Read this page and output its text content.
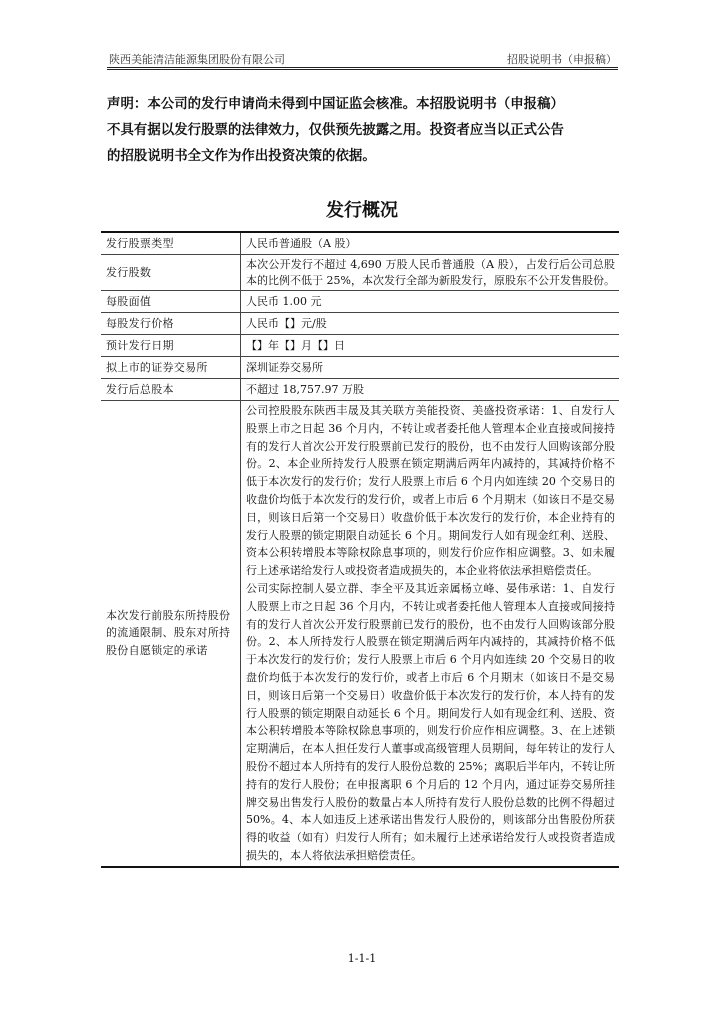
陕西美能清洁能源集团股份有限公司	招股说明书（申报稿）
声明：本公司的发行申请尚未得到中国证监会核准。本招股说明书（申报稿）
不具有据以发行股票的法律效力，仅供预先披露之用。投资者应当以正式公告
的招股说明书全文作为作出投资决策的依据。
发行概况
发行股票类型	人民币普通股（A 股）
发行股数	本次公开发行不超过 4,690 万股人民币普通股（A 股），占发行后公司总股本的比例不低于 25%，本次发行全部为新股发行，原股东不公开发售股份。
每股面值	人民币 1.00 元
每股发行价格	人民币【】元/股
预计发行日期	【】年【】月【】日
拟上市的证券交易所	深圳证券交易所
发行后总股本	不超过 18,757.97 万股
本次发行前股东所持股份的流通限制、股东对所持股份自愿锁定的承诺	公司控股股东陕西丰晟及其关联方美能投资、美盛投资承诺：1、自发行人股票上市之日起 36 个月内，不转让或者委托他人管理本企业直接或间接持有的发行人首次公开发行股票前已发行的股份，也不由发行人回购该部分股份。2、本企业所持发行人股票在锁定期满后两年内减持的，其减持价格不低于本次发行的发行价；发行人股票上市后 6 个月内如连续 20 个交易日的收盘价均低于本次发行的发行价，或者上市后 6 个月期末（如该日不是交易日，则该日后第一个交易日）收盘价低于本次发行的发行价，本企业持有的发行人股票的锁定期限自动延长 6 个月。期间发行人如有现金红利、送股、资本公积转增股本等除权除息事项的，则发行价应作相应调整。3、如未履行上述承诺给发行人或投资者造成损失的，本企业将依法承担赔偿责任。
公司实际控制人晏立群、李全平及其近亲属杨立峰、晏伟承诺：1、自发行人股票上市之日起 36 个月内，不转让或者委托他人管理本人直接或间接持有的发行人首次公开发行股票前已发行的股份，也不由发行人回购该部分股份。2、本人所持发行人股票在锁定期满后两年内减持的，其减持价格不低于本次发行的发行价；发行人股票上市后 6 个月内如连续 20 个交易日的收盘价均低于本次发行的发行价，或者上市后 6 个月期末（如该日不是交易日，则该日后第一个交易日）收盘价低于本次发行的发行价，本人持有的发行人股票的锁定期限自动延长 6 个月。期间发行人如有现金红利、送股、资本公积转增股本等除权除息事项的，则发行价应作相应调整。3、在上述锁定期满后，在本人担任发行人董事或高级管理人员期间，每年转让的发行人股份不超过本人所持有的发行人股份总数的 25%；离职后半年内，不转让所持有的发行人股份；在申报离职 6 个月后的 12 个月内，通过证券交易所挂牌交易出售发行人股份的数量占本人所持有发行人股份总数的比例不得超过 50%。4、本人如违反上述承诺出售发行人股份的，则该部分出售股份所获得的收益（如有）归发行人所有；如未履行上述承诺给发行人或投资者造成损失的，本人将依法承担赔偿责任。
1-1-1
